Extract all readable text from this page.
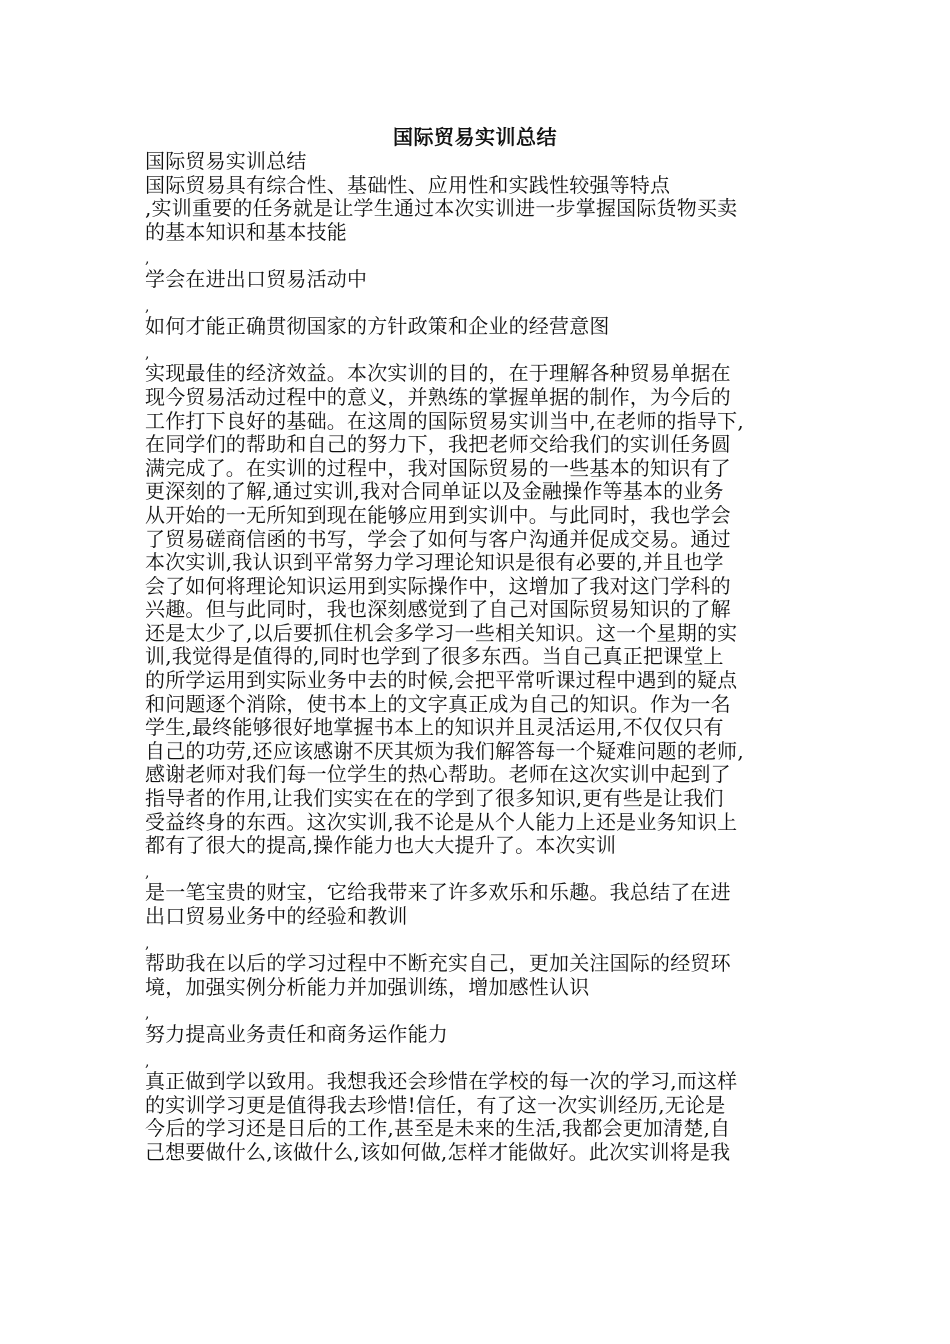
国际贸易实训总结
国际贸易实训总结
国际贸易具有综合性、基础性、应用性和实践性较强等特点
,实训重要的任务就是让学生通过本次实训进一步掌握国际货物买卖
的基本知识和基本技能
,
学会在进出口贸易活动中
,
如何才能正确贯彻国家的方针政策和企业的经营意图
,
实现最佳的经济效益。本次实训的目的，在于理解各种贸易单据在
现今贸易活动过程中的意义，并熟练的掌握单据的制作，为今后的
工作打下良好的基础。在这周的国际贸易实训当中,在老师的指导下,
在同学们的帮助和自己的努力下，我把老师交给我们的实训任务圆
满完成了。在实训的过程中，我对国际贸易的一些基本的知识有了
更深刻的了解,通过实训,我对合同单证以及金融操作等基本的业务
从开始的一无所知到现在能够应用到实训中。与此同时，我也学会
了贸易磋商信函的书写，学会了如何与客户沟通并促成交易。通过
本次实训,我认识到平常努力学习理论知识是很有必要的,并且也学
会了如何将理论知识运用到实际操作中，这增加了我对这门学科的
兴趣。但与此同时，我也深刻感觉到了自己对国际贸易知识的了解
还是太少了,以后要抓住机会多学习一些相关知识。这一个星期的实
训,我觉得是值得的,同时也学到了很多东西。当自己真正把课堂上
的所学运用到实际业务中去的时候,会把平常听课过程中遇到的疑点
和问题逐个消除，使书本上的文字真正成为自己的知识。作为一名
学生,最终能够很好地掌握书本上的知识并且灵活运用,不仅仅只有
自己的功劳,还应该感谢不厌其烦为我们解答每一个疑难问题的老师,
感谢老师对我们每一位学生的热心帮助。老师在这次实训中起到了
指导者的作用,让我们实实在在的学到了很多知识,更有些是让我们
受益终身的东西。这次实训,我不论是从个人能力上还是业务知识上
都有了很大的提高,操作能力也大大提升了。本次实训
,
是一笔宝贵的财宝，它给我带来了许多欢乐和乐趣。我总结了在进
出口贸易业务中的经验和教训
,
帮助我在以后的学习过程中不断充实自己，更加关注国际的经贸环
境，加强实例分析能力并加强训练，增加感性认识
,
努力提高业务责任和商务运作能力
,
真正做到学以致用。我想我还会珍惜在学校的每一次的学习,而这样
的实训学习更是值得我去珍惜!信任，有了这一次实训经历,无论是
今后的学习还是日后的工作,甚至是未来的生活,我都会更加清楚,自
己想要做什么,该做什么,该如何做,怎样才能做好。此次实训将是我
